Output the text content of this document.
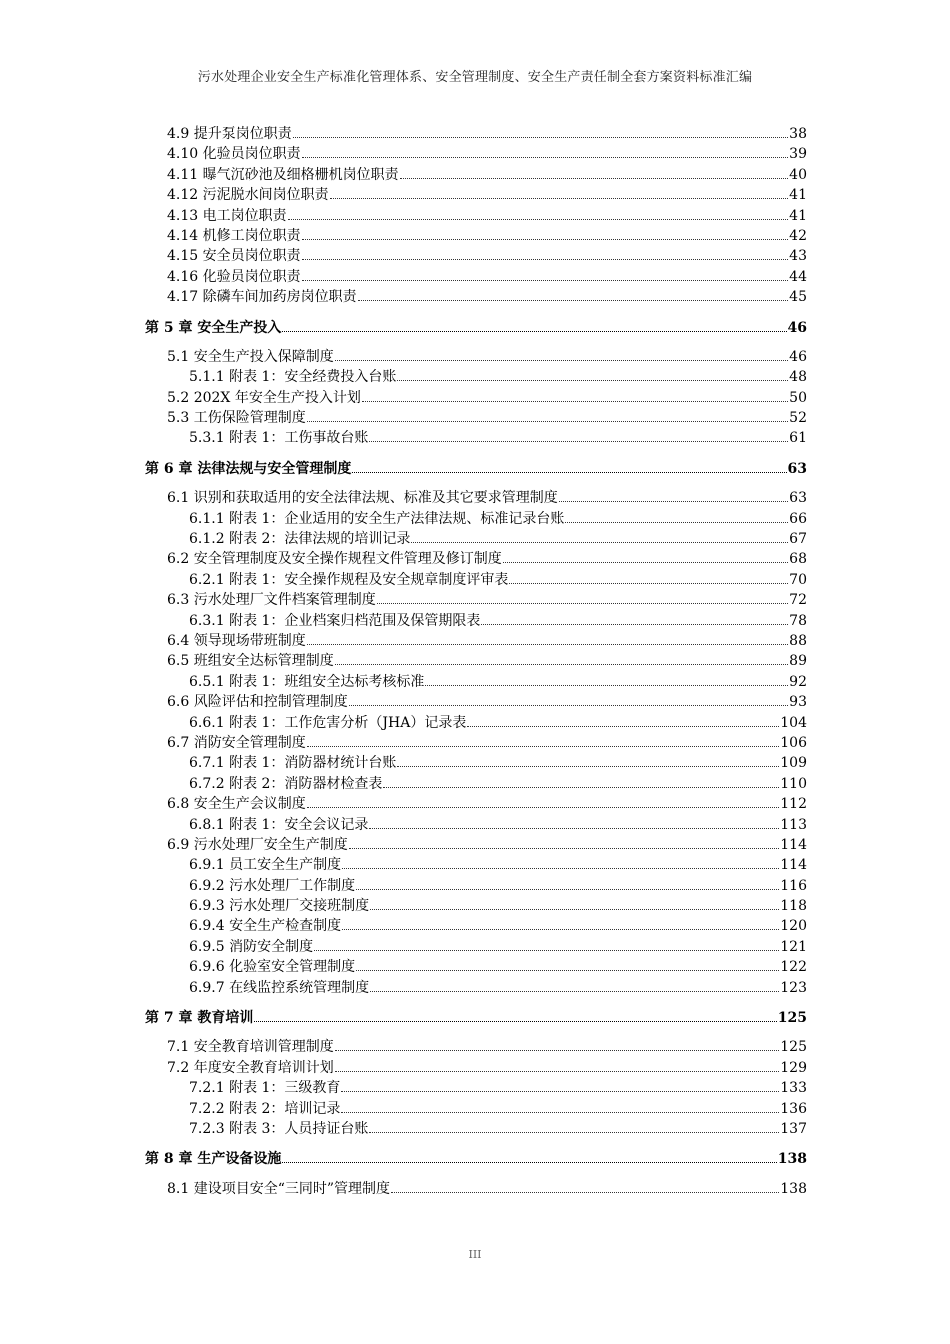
污水处理企业安全生产标准化管理体系、安全管理制度、安全生产责任制全套方案资料标准汇编
4.9 提升泵岗位职责	38
4.10 化验员岗位职责	39
4.11 曝气沉砂池及细格栅机岗位职责	40
4.12 污泥脱水间岗位职责	41
4.13 电工岗位职责	41
4.14 机修工岗位职责	42
4.15 安全员岗位职责	43
4.16 化验员岗位职责	44
4.17 除磷车间加药房岗位职责	45
第 5 章 安全生产投入	46
5.1 安全生产投入保障制度	46
5.1.1 附表 1：安全经费投入台账	48
5.2 202X 年安全生产投入计划	50
5.3 工伤保险管理制度	52
5.3.1 附表 1：工伤事故台账	61
第 6 章 法律法规与安全管理制度	63
6.1 识别和获取适用的安全法律法规、标准及其它要求管理制度	63
6.1.1 附表 1：企业适用的安全生产法律法规、标准记录台账	66
6.1.2 附表 2：法律法规的培训记录	67
6.2 安全管理制度及安全操作规程文件管理及修订制度	68
6.2.1 附表 1：安全操作规程及安全规章制度评审表	70
6.3 污水处理厂文件档案管理制度	72
6.3.1 附表 1：企业档案归档范围及保管期限表	78
6.4 领导现场带班制度	88
6.5 班组安全达标管理制度	89
6.5.1 附表 1：班组安全达标考核标准	92
6.6 风险评估和控制管理制度	93
6.6.1 附表 1：工作危害分析（JHA）记录表	104
6.7 消防安全管理制度	106
6.7.1 附表 1：消防器材统计台账	109
6.7.2 附表 2：消防器材检查表	110
6.8 安全生产会议制度	112
6.8.1 附表 1：安全会议记录	113
6.9 污水处理厂安全生产制度	114
6.9.1 员工安全生产制度	114
6.9.2 污水处理厂工作制度	116
6.9.3 污水处理厂交接班制度	118
6.9.4 安全生产检查制度	120
6.9.5 消防安全制度	121
6.9.6 化验室安全管理制度	122
6.9.7 在线监控系统管理制度	123
第 7 章 教育培训	125
7.1 安全教育培训管理制度	125
7.2 年度安全教育培训计划	129
7.2.1 附表 1：三级教育	133
7.2.2 附表 2：培训记录	136
7.2.3 附表 3：人员持证台账	137
第 8 章 生产设备设施	138
8.1 建设项目安全“三同时”管理制度	138
III
